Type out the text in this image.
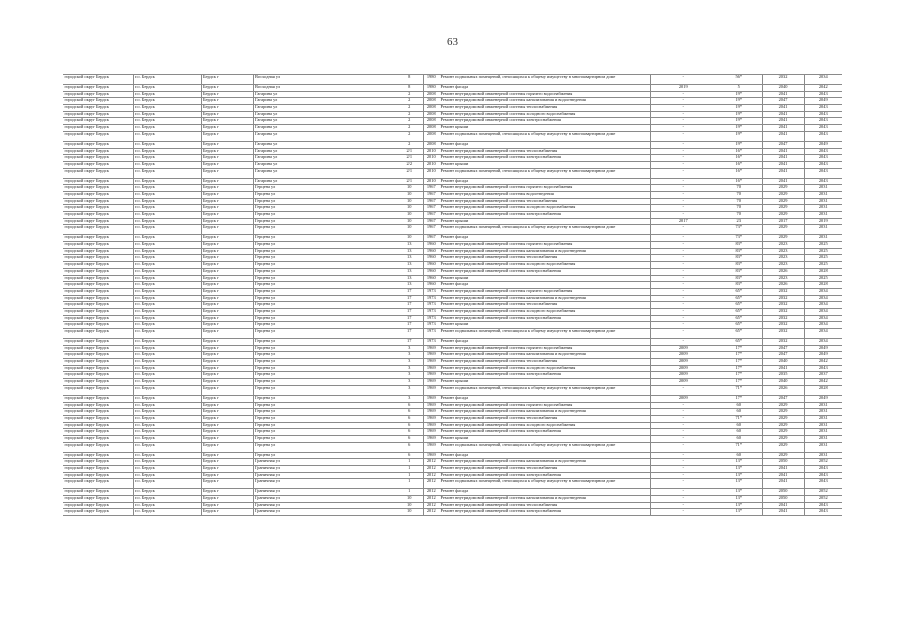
63
городской округ Бердск	г.о. Бердск	Бердск г	Восходная ул	8	1980	Ремонт подвальных помещений, относящихся к общему имуществу в многоквартирном доме	-	56*	2032	2034
городской округ Бердск	г.о. Бердск	Бердск г	Восходная ул	8	1980	Ремонт фасада	2019	5	2040	2042
городской округ Бердск	г.о. Бердск	Бердск г	Гагарина ул	2	2008	Ремонт внутридомовой инженерной системы горячего водоснабжения	-	19*	2041	2043
городской округ Бердск	г.о. Бердск	Бердск г	Гагарина ул	2	2008	Ремонт внутридомовой инженерной системы канализования и водоотведения	-	19*	2047	2049
городской округ Бердск	г.о. Бердск	Бердск г	Гагарина ул	2	2008	Ремонт внутридомовой инженерной системы теплоснабжения	-	19*	2041	2043
городской округ Бердск	г.о. Бердск	Бердск г	Гагарина ул	2	2008	Ремонт внутридомовой инженерной системы холодного водоснабжения	-	19*	2041	2043
городской округ Бердск	г.о. Бердск	Бердск г	Гагарина ул	2	2008	Ремонт внутридомовой инженерной системы электроснабжения	-	19*	2041	2043
городской округ Бердск	г.о. Бердск	Бердск г	Гагарина ул	2	2008	Ремонт крыши	-	19*	2041	2043
городской округ Бердск	г.о. Бердск	Бердск г	Гагарина ул	2	2008	Ремонт подвальных помещений, относящихся к общему имуществу в многоквартирном доме	-	19*	2041	2043
городской округ Бердск	г.о. Бердск	Бердск г	Гагарина ул	2	2008	Ремонт фасада	-	19*	2047	2049
городской округ Бердск	г.о. Бердск	Бердск г	Гагарина ул	2/1	2010	Ремонт внутридомовой инженерной системы теплоснабжения	-	16*	2041	2043
городской округ Бердск	г.о. Бердск	Бердск г	Гагарина ул	2/1	2010	Ремонт внутридомовой инженерной системы электроснабжения	-	16*	2041	2043
городской округ Бердск	г.о. Бердск	Бердск г	Гагарина ул	2/2	2010	Ремонт крыши	-	16*	2041	2043
городской округ Бердск	г.о. Бердск	Бердск г	Гагарина ул	2/1	2010	Ремонт подвальных помещений, относящихся к общему имуществу в многоквартирном доме	-	16*	2041	2043
городской округ Бердск	г.о. Бердск	Бердск г	Гагарина ул	2/1	2010	Ремонт фасада	-	16*	2041	2043
городской округ Бердск	г.о. Бердск	Бердск г	Герцена ул	10	1967	Ремонт внутридомовой инженерной системы горячего водоснабжения	-	70	2029	2031
городской округ Бердск	г.о. Бердск	Бердск г	Герцена ул	10	1967	Ремонт внутридомовой инженерной системы водоотведения	-	70	2029	2031
городской округ Бердск	г.о. Бердск	Бердск г	Герцена ул	10	1967	Ремонт внутридомовой инженерной системы теплоснабжения	-	70	2029	2031
городской округ Бердск	г.о. Бердск	Бердск г	Герцена ул	10	1967	Ремонт внутридомовой инженерной системы холодного водоснабжения	-	70	2029	2031
городской округ Бердск	г.о. Бердск	Бердск г	Герцена ул	10	1967	Ремонт внутридомовой инженерной системы электроснабжения	-	70	2029	2031
городской округ Бердск	г.о. Бердск	Бердск г	Герцена ул	10	1967	Ремонт крыши	2017	23	2017	2019
городской округ Бердск	г.о. Бердск	Бердск г	Герцена ул	10	1967	Ремонт подвальных помещений, относящихся к общему имуществу в многоквартирном доме	-	73*	2029	2031
городской округ Бердск	г.о. Бердск	Бердск г	Герцена ул	10	1967	Ремонт фасада	-	73*	2029	2031
городской округ Бердск	г.о. Бердск	Бердск г	Герцена ул	13	1960	Ремонт внутридомовой инженерной системы горячего водоснабжения	-	83*	2023	2025
городской округ Бердск	г.о. Бердск	Бердск г	Герцена ул	13	1960	Ремонт внутридомовой инженерной системы канализования и водоотведения	-	83*	2023	2025
городской округ Бердск	г.о. Бердск	Бердск г	Герцена ул	13	1960	Ремонт внутридомовой инженерной системы теплоснабжения	-	83*	2023	2025
городской округ Бердск	г.о. Бердск	Бердск г	Герцена ул	13	1960	Ремонт внутридомовой инженерной системы холодного водоснабжения	-	83*	2023	2025
городской округ Бердск	г.о. Бердск	Бердск г	Герцена ул	13	1960	Ремонт внутридомовой инженерной системы электроснабжения	-	83*	2026	2028
городской округ Бердск	г.о. Бердск	Бердск г	Герцена ул	13	1960	Ремонт крыши	-	83*	2023	2025
городской округ Бердск	г.о. Бердск	Бердск г	Герцена ул	13	1960	Ремонт фасада	-	83*	2026	2028
городской округ Бердск	г.о. Бердск	Бердск г	Герцена ул	17	1973	Ремонт внутридомовой инженерной системы горячего водоснабжения	-	65*	2032	2034
городской округ Бердск	г.о. Бердск	Бердск г	Герцена ул	17	1973	Ремонт внутридомовой инженерной системы канализования и водоотведения	-	65*	2032	2034
городской округ Бердск	г.о. Бердск	Бердск г	Герцена ул	17	1973	Ремонт внутридомовой инженерной системы теплоснабжения	-	65*	2032	2034
городской округ Бердск	г.о. Бердск	Бердск г	Герцена ул	17	1973	Ремонт внутридомовой инженерной системы холодного водоснабжения	-	65*	2032	2034
городской округ Бердск	г.о. Бердск	Бердск г	Герцена ул	17	1973	Ремонт внутридомовой инженерной системы электроснабжения	-	65*	2032	2034
городской округ Бердск	г.о. Бердск	Бердск г	Герцена ул	17	1973	Ремонт крыши	-	65*	2032	2034
городской округ Бердск	г.о. Бердск	Бердск г	Герцена ул	17	1973	Ремонт подвальных помещений, относящихся к общему имуществу в многоквартирном доме	-	65*	2032	2034
городской округ Бердск	г.о. Бердск	Бердск г	Герцена ул	17	1973	Ремонт фасада	-	65*	2032	2034
городской округ Бердск	г.о. Бердск	Бердск г	Герцена ул	3	1969	Ремонт внутридомовой инженерной системы горячего водоснабжения	2009	17*	2047	2049
городской округ Бердск	г.о. Бердск	Бердск г	Герцена ул	3	1969	Ремонт внутридомовой инженерной системы канализования и водоотведения	2009	17*	2047	2049
городской округ Бердск	г.о. Бердск	Бердск г	Герцена ул	3	1969	Ремонт внутридомовой инженерной системы теплоснабжения	2009	17*	2040	2042
городской округ Бердск	г.о. Бердск	Бердск г	Герцена ул	3	1969	Ремонт внутридомовой инженерной системы холодного водоснабжения	2009	17*	2041	2043
городской округ Бердск	г.о. Бердск	Бердск г	Герцена ул	3	1969	Ремонт внутридомовой инженерной системы электроснабжения	2009	17*	2035	2037
городской округ Бердск	г.о. Бердск	Бердск г	Герцена ул	3	1969	Ремонт крыши	2009	17*	2040	2042
городской округ Бердск	г.о. Бердск	Бердск г	Герцена ул	3	1969	Ремонт подвальных помещений, относящихся к общему имуществу в многоквартирном доме	-	71*	2026	2028
городской округ Бердск	г.о. Бердск	Бердск г	Герцена ул	3	1969	Ремонт фасада	2009	17*	2047	2049
городской округ Бердск	г.о. Бердск	Бердск г	Герцена ул	6	1969	Ремонт внутридомовой инженерной системы горячего водоснабжения	-	60	2029	2031
городской округ Бердск	г.о. Бердск	Бердск г	Герцена ул	6	1969	Ремонт внутридомовой инженерной системы канализования и водоотведения	-	60	2029	2031
городской округ Бердск	г.о. Бердск	Бердск г	Герцена ул	6	1969	Ремонт внутридомовой инженерной системы теплоснабжения	-	71*	2029	2031
городской округ Бердск	г.о. Бердск	Бердск г	Герцена ул	6	1969	Ремонт внутридомовой инженерной системы холодного водоснабжения	-	60	2029	2031
городской округ Бердск	г.о. Бердск	Бердск г	Герцена ул	6	1969	Ремонт внутридомовой инженерной системы электроснабжения	-	60	2029	2031
городской округ Бердск	г.о. Бердск	Бердск г	Герцена ул	6	1969	Ремонт крыши	-	60	2029	2031
городской округ Бердск	г.о. Бердск	Бердск г	Герцена ул	6	1969	Ремонт подвальных помещений, относящихся к общему имуществу в многоквартирном доме	-	71*	2029	2031
городской округ Бердск	г.о. Бердск	Бердск г	Герцена ул	6	1969	Ремонт фасада	-	60	2029	2031
городской округ Бердск	г.о. Бердск	Бердск г	Граничная ул	1	2012	Ремонт внутридомовой инженерной системы канализования и водоотведения	-	13*	2050	2052
городской округ Бердск	г.о. Бердск	Бердск г	Граничная ул	1	2012	Ремонт внутридомовой инженерной системы теплоснабжения	-	13*	2041	2043
городской округ Бердск	г.о. Бердск	Бердск г	Граничная ул	1	2012	Ремонт внутридомовой инженерной системы электроснабжения	-	13*	2041	2043
городской округ Бердск	г.о. Бердск	Бердск г	Граничная ул	1	2012	Ремонт подвальных помещений, относящихся к общему имуществу в многоквартирном доме	-	13*	2041	2043
городской округ Бердск	г.о. Бердск	Бердск г	Граничная ул	1	2012	Ремонт фасада	-	13*	2050	2052
городской округ Бердск	г.о. Бердск	Бердск г	Граничная ул	10	2012	Ремонт внутридомовой инженерной системы канализования и водоотведения	-	13*	2050	2052
городской округ Бердск	г.о. Бердск	Бердск г	Граничная ул	10	2012	Ремонт внутридомовой инженерной системы теплоснабжения	-	13*	2041	2043
городской округ Бердск	г.о. Бердск	Бердск г	Граничная ул	10	2012	Ремонт внутридомовой инженерной системы электроснабжения	-	13*	2041	2043
